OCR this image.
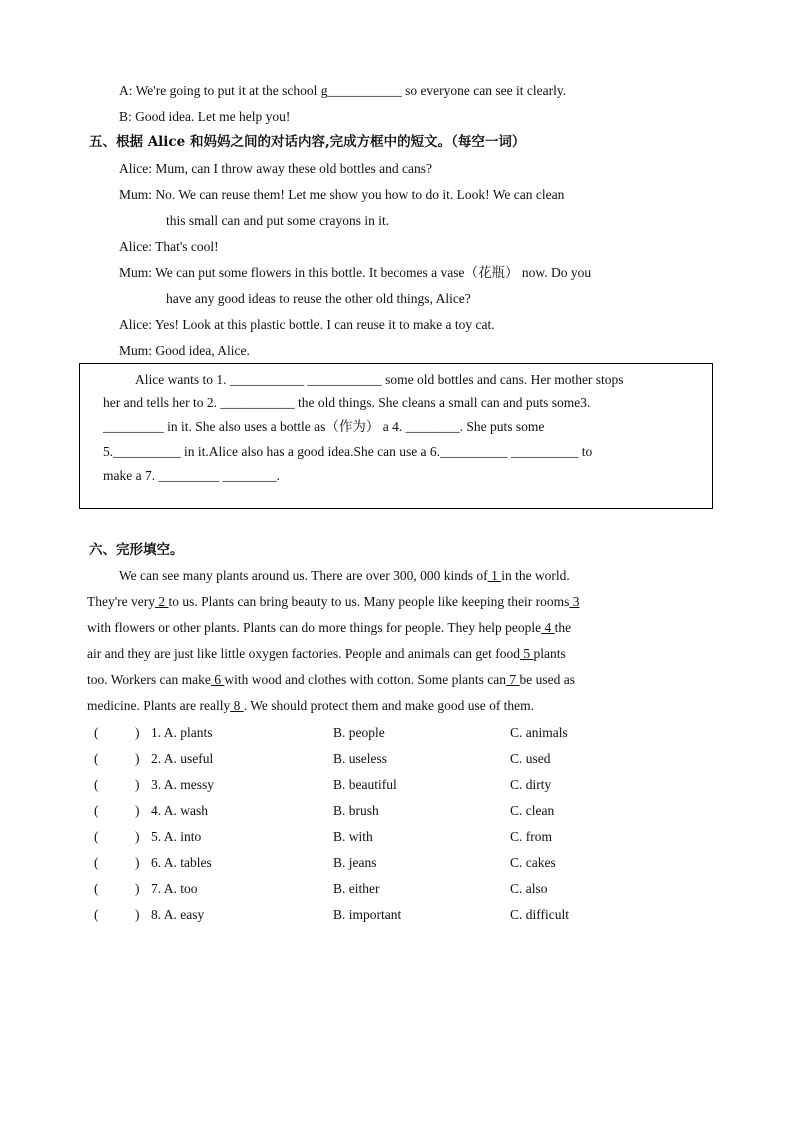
A: We're going to put it at the school g___________ so everyone can see it clearly.
B: Good idea. Let me help you!
五、根据 Alice 和妈妈之间的对话内容,完成方框中的短文。（每空一词）
Alice: Mum, can I throw away these old bottles and cans?
Mum: No. We can reuse them! Let me show you how to do it. Look! We can clean
this small can and put some crayons in it.
Alice: That's cool!
Mum: We can put some flowers in this bottle. It becomes a vase（花瓶） now. Do you
have any good ideas to reuse the other old things, Alice?
Alice: Yes! Look at this plastic bottle. I can reuse it to make a toy cat.
Mum: Good idea, Alice.
Alice wants to 1. ___________ ___________ some old bottles and cans. Her mother stops
her and tells her to 2. ___________ the old things. She cleans a small can and puts some3.
_________ in it. She also uses a bottle as（作为） a 4. ________. She puts some
5.__________ in it.Alice also has a good idea.She can use a 6.__________ __________ to
make a 7. _________ ________.
六、完形填空。
We can see many plants around us. There are over 300, 000 kinds of 1 in the world.
They're very 2 to us. Plants can bring beauty to us. Many people like keeping their rooms 3
with flowers or other plants. Plants can do more things for people. They help people 4 the
air and they are just like little oxygen factories. People and animals can get food 5 plants
too. Workers can make 6 with wood and clothes with cotton. Some plants can 7 be used as
medicine. Plants are really 8 . We should protect them and make good use of them.
(	) 1. A. plants	B. people	C. animals
(	) 2. A. useful	B. useless	C. used
(	) 3. A. messy	B. beautiful	C. dirty
(	) 4. A. wash	B. brush	C. clean
(	) 5. A. into	B. with	C. from
(	) 6. A. tables	B. jeans	C. cakes
(	) 7. A. too	B. either	C. also
(	) 8. A. easy	B. important	C. difficult
